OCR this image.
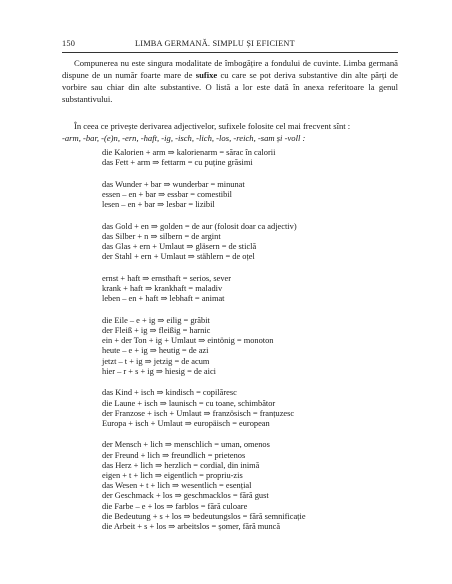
150	LIMBA GERMANĂ. SIMPLU ȘI EFICIENT
Compunerea nu este singura modalitate de îmbogățire a fondului de cuvinte. Limba germană dispune de un număr foarte mare de sufixe cu care se pot deriva substantive din alte părți de vorbire sau chiar din alte substantive. O listă a lor este dată în anexa referitoare la genul substantivului.
În ceea ce privește derivarea adjectivelor, sufixele folosite cel mai frecvent sînt :
-arm, -bar, -(e)n, -ern, -haft, -ig, -isch, -lich, -los, -reich, -sam și -voll :
die Kalorien + arm ⇒ kalorienarm = sărac în calorii
das Fett + arm ⇒ fettarm = cu puține grăsimi
das Wunder + bar ⇒ wunderbar = minunat
essen – en + bar ⇒ essbar = comestibil
lesen – en + bar ⇒ lesbar = lizibil
das Gold + en ⇒ golden = de aur (folosit doar ca adjectiv)
das Silber + n ⇒ silbern = de argint
das Glas + ern + Umlaut ⇒ gläsern = de sticlă
der Stahl + ern + Umlaut ⇒ stählern = de oțel
ernst + haft ⇒ ernsthaft = serios, sever
krank + haft ⇒ krankhaft = maladiv
leben – en + haft ⇒ lebhaft = animat
die Eile – e + ig ⇒ eilig = grăbit
der Fleiß + ig ⇒ fleißig = harnic
ein + der Ton + ig + Umlaut ⇒ eintönig = monoton
heute – e + ig ⇒ heutig = de azi
jetzt – t + ig ⇒ jetzig = de acum
hier – r + s + ig ⇒ hiesig = de aici
das Kind + isch ⇒ kindisch = copilăresc
die Laune + isch ⇒ launisch = cu toane, schimbător
der Franzose + isch + Umlaut ⇒ französisch = franțuzesc
Europa + isch + Umlaut ⇒ europäisch = european
der Mensch + lich ⇒ menschlich = uman, omenos
der Freund + lich ⇒ freundlich = prietenos
das Herz + lich ⇒ herzlich = cordial, din inimă
eigen + t + lich ⇒ eigentlich = propriu-zis
das Wesen + t + lich ⇒ wesentlich = esențial
der Geschmack + los ⇒ geschmacklos = fără gust
die Farbe – e + los ⇒ farblos = fără culoare
die Bedeutung + s + los ⇒ bedeutungslos = fără semnificație
die Arbeit + s + los ⇒ arbeitslos = șomer, fără muncă
